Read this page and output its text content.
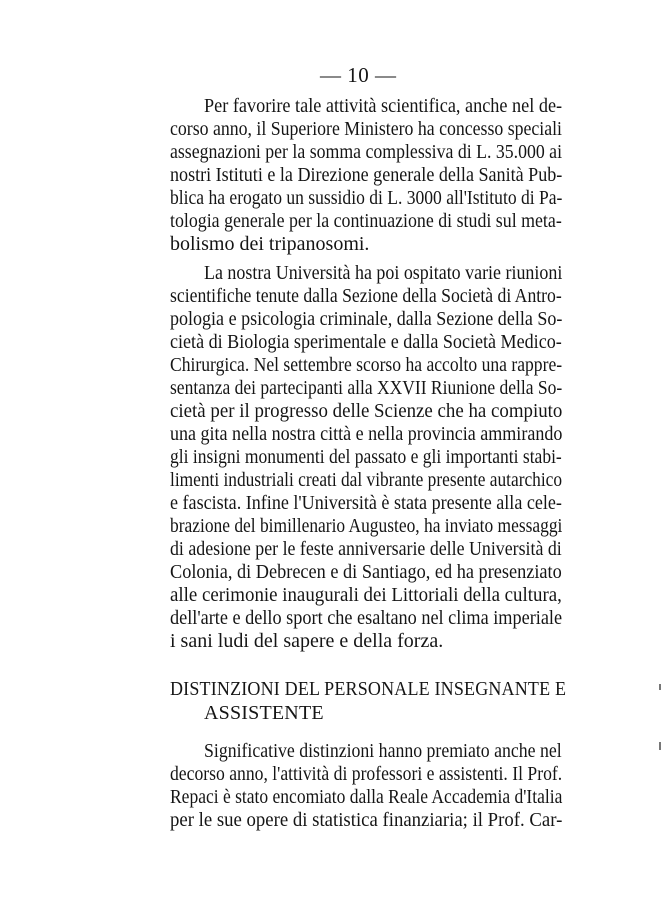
— 10 —
Per favorire tale attività scientifica, anche nel de-
corso anno, il Superiore Ministero ha concesso speciali
assegnazioni per la somma complessiva di L. 35.000 ai
nostri Istituti e la Direzione generale della Sanità Pub-
blica ha erogato un sussidio di L. 3000 all'Istituto di Pa-
tologia generale per la continuazione di studi sul meta-
bolismo dei tripanosomi.
La nostra Università ha poi ospitato varie riunioni
scientifiche tenute dalla Sezione della Società di Antro-
pologia e psicologia criminale, dalla Sezione della So-
cietà di Biologia sperimentale e dalla Società Medico-
Chirurgica. Nel settembre scorso ha accolto una rappre-
sentanza dei partecipanti alla XXVII Riunione della So-
cietà per il progresso delle Scienze che ha compiuto
una gita nella nostra città e nella provincia ammirando
gli insigni monumenti del passato e gli importanti stabi-
limenti industriali creati dal vibrante presente autarchico
e fascista. Infine l'Università è stata presente alla cele-
brazione del bimillenario Augusteo, ha inviato messaggi
di adesione per le feste anniversarie delle Università di
Colonia, di Debrecen e di Santiago, ed ha presenziato
alle cerimonie inaugurali dei Littoriali della cultura,
dell'arte e dello sport che esaltano nel clima imperiale
i sani ludi del sapere e della forza.
DISTINZIONI DEL PERSONALE INSEGNANTE E
ASSISTENTE
Significative distinzioni hanno premiato anche nel
decorso anno, l'attività di professori e assistenti. Il Prof.
Repaci è stato encomiato dalla Reale Accademia d'Italia
per le sue opere di statistica finanziaria; il Prof. Car-
